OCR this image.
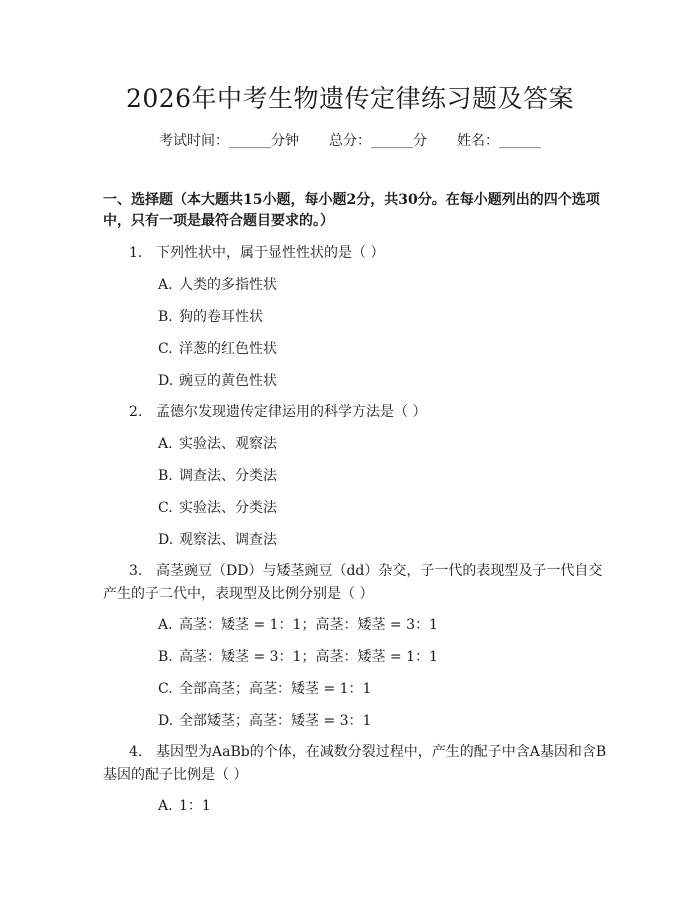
2026年中考生物遗传定律练习题及答案
考试时间：______分钟 总分：______分 姓名：______
一、选择题（本大题共15小题，每小题2分，共30分。在每小题列出的四个选项中，只有一项是最符合题目要求的。）
1. 下列性状中，属于显性性状的是（ ）
A. 人类的多指性状
B. 狗的卷耳性状
C. 洋葱的红色性状
D. 豌豆的黄色性状
2. 孟德尔发现遗传定律运用的科学方法是（ ）
A. 实验法、观察法
B. 调查法、分类法
C. 实验法、分类法
D. 观察法、调查法
3. 高茎豌豆（DD）与矮茎豌豆（dd）杂交，子一代的表现型及子一代自交产生的子二代中，表现型及比例分别是（ ）
A. 高茎：矮茎 = 1：1；高茎：矮茎 = 3：1
B. 高茎：矮茎 = 3：1；高茎：矮茎 = 1：1
C. 全部高茎；高茎：矮茎 = 1：1
D. 全部矮茎；高茎：矮茎 = 3：1
4. 基因型为AaBb的个体，在减数分裂过程中，产生的配子中含A基因和含B基因的配子比例是（ ）
A. 1：1
